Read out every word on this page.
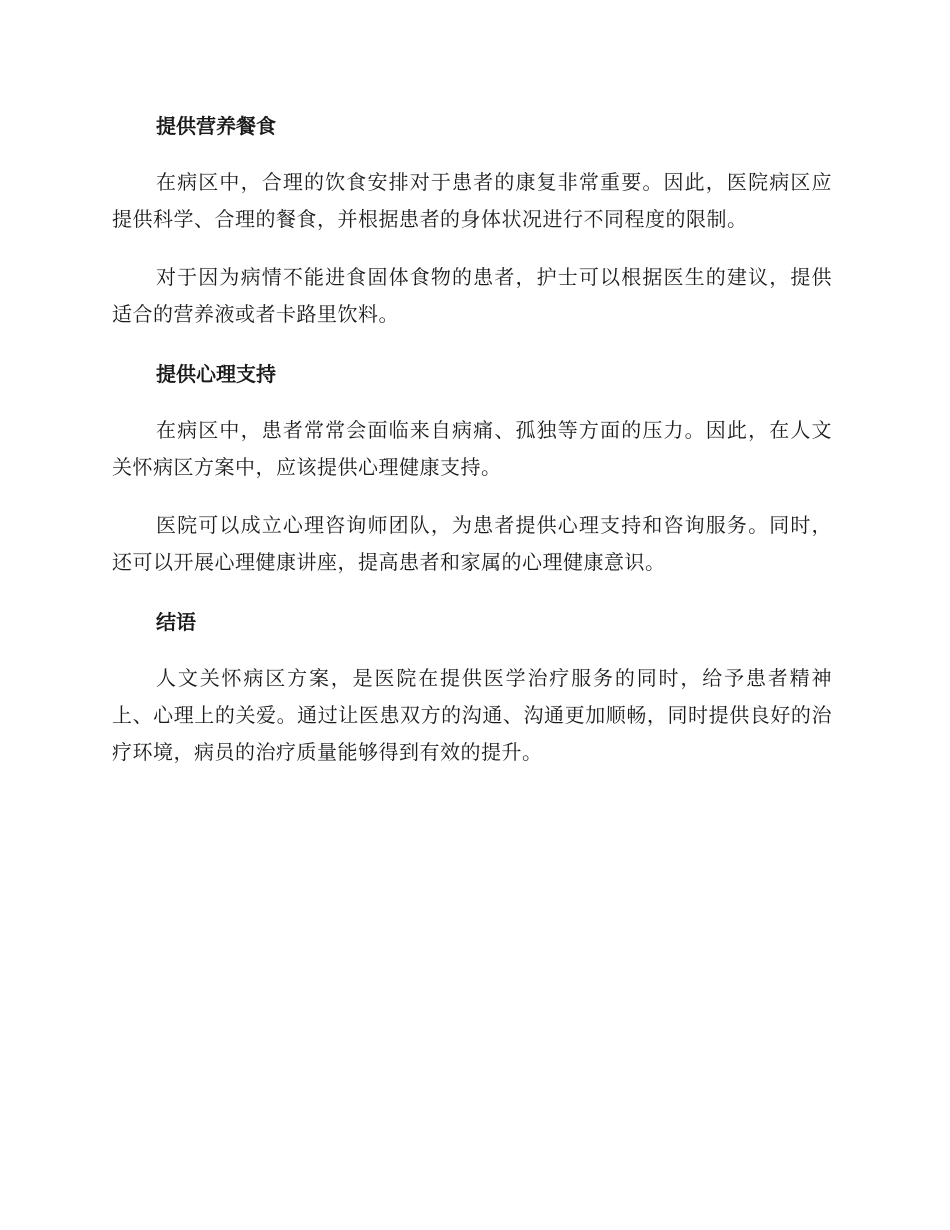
提供营养餐食

在病区中，合理的饮食安排对于患者的康复非常重要。因此，医院病区应提供科学、合理的餐食，并根据患者的身体状况进行不同程度的限制。

对于因为病情不能进食固体食物的患者，护士可以根据医生的建议，提供适合的营养液或者卡路里饮料。

提供心理支持

在病区中，患者常常会面临来自病痛、孤独等方面的压力。因此，在人文关怀病区方案中，应该提供心理健康支持。

医院可以成立心理咨询师团队，为患者提供心理支持和咨询服务。同时，还可以开展心理健康讲座，提高患者和家属的心理健康意识。

结语

人文关怀病区方案，是医院在提供医学治疗服务的同时，给予患者精神上、心理上的关爱。通过让医患双方的沟通、沟通更加顺畅，同时提供良好的治疗环境，病员的治疗质量能够得到有效的提升。
